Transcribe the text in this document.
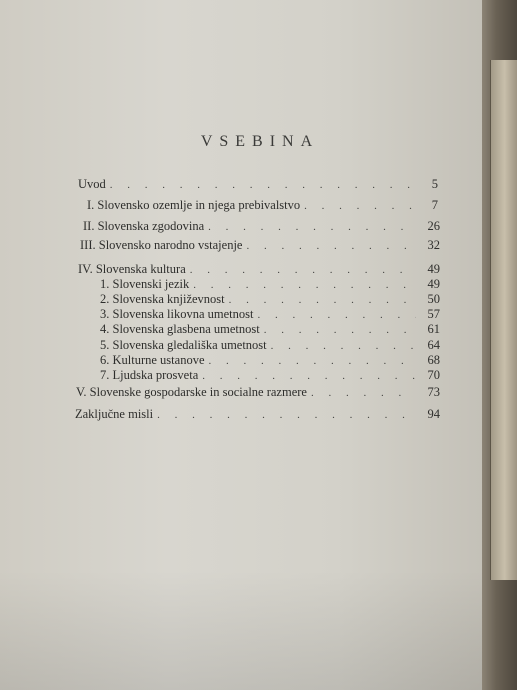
VSEBINA
Uvod . . .	5
I. Slovensko ozemlje in njega prebivalstvo . . .	7
II. Slovenska zgodovina . . .	26
III. Slovensko narodno vstajenje . . .	32
IV. Slovenska kultura . . .	49
1. Slovenski jezik . . .	49
2. Slovenska književnost . . .	50
3. Slovenska likovna umetnost . . .	57
4. Slovenska glasbena umetnost . . .	61
5. Slovenska gledališka umetnost . . .	64
6. Kulturne ustanove . . .	68
7. Ljudska prosveta . . .	70
V. Slovenske gospodarske in socialne razmere . . .	73
Zaključne misli . . .	94
